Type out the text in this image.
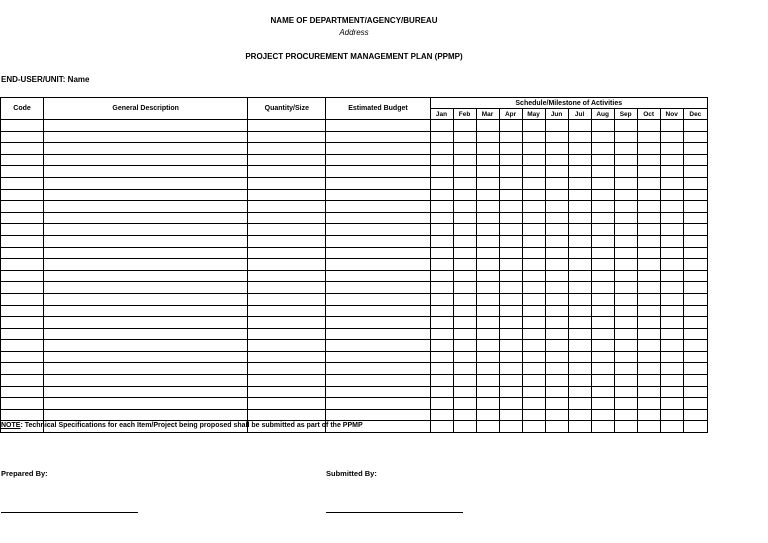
NAME OF DEPARTMENT/AGENCY/BUREAU
Address
PROJECT PROCUREMENT MANAGEMENT PLAN (PPMP)
END-USER/UNIT: Name
Code	General Description	Quantity/Size	Estimated Budget	Schedule/Milestone of Activities											
				Jan	Feb	Mar	Apr	May	Jun	Jul	Aug	Sep	Oct	Nov	Dec

NOTE: Technical Specifications for each Item/Project being proposed shall be submitted as part of the PPMP
Prepared By:	Submitted By:
